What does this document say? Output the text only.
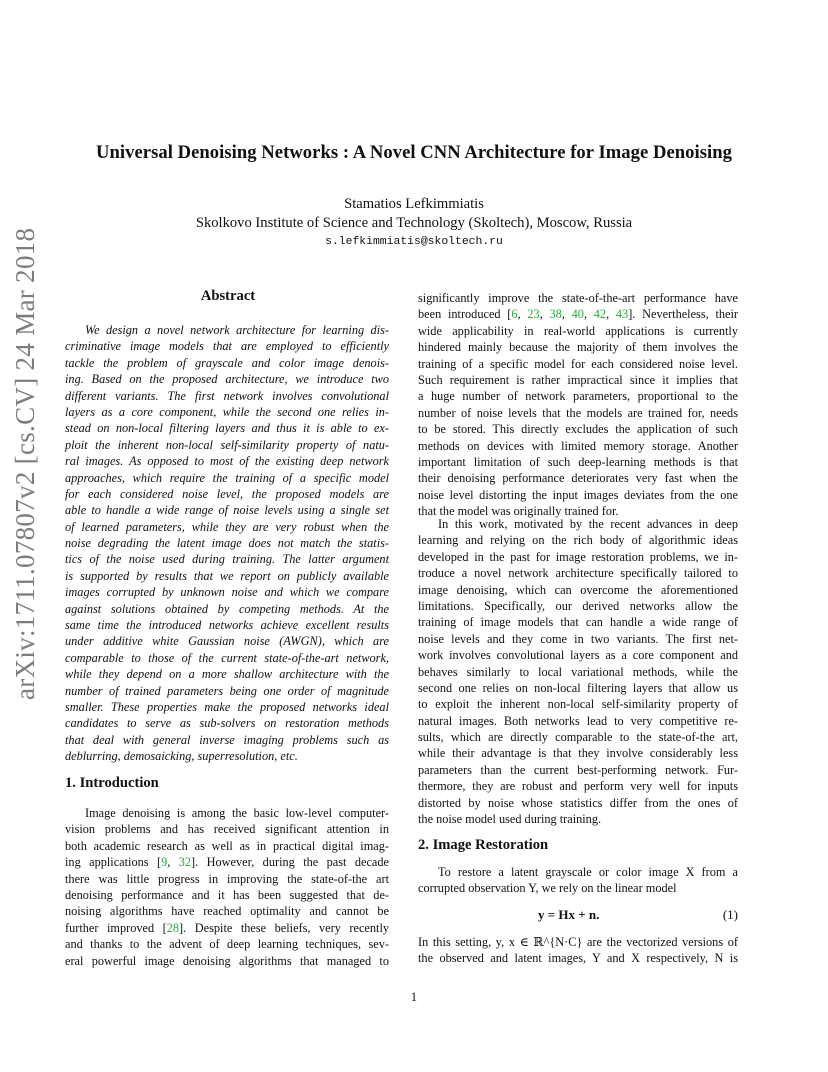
Universal Denoising Networks : A Novel CNN Architecture for Image Denoising
Stamatios Lefkimmiatis
Skolkovo Institute of Science and Technology (Skoltech), Moscow, Russia
s.lefkimmiatis@skoltech.ru
arXiv:1711.07807v2 [cs.CV] 24 Mar 2018	Abstract
We design a novel network architecture for learning dis-
criminative image models that are employed to efficiently
tackle the problem of grayscale and color image denois-
ing. Based on the proposed architecture, we introduce two
different variants. The first network involves convolutional
layers as a core component, while the second one relies in-
stead on non-local filtering layers and thus it is able to ex-
ploit the inherent non-local self-similarity property of natu-
ral images. As opposed to most of the existing deep network
approaches, which require the training of a specific model
for each considered noise level, the proposed models are
able to handle a wide range of noise levels using a single set
of learned parameters, while they are very robust when the
noise degrading the latent image does not match the statis-
tics of the noise used during training. The latter argument
is supported by results that we report on publicly available
images corrupted by unknown noise and which we compare
against solutions obtained by competing methods. At the
same time the introduced networks achieve excellent results
under additive white Gaussian noise (AWGN), which are
comparable to those of the current state-of-the-art network,
while they depend on a more shallow architecture with the
number of trained parameters being one order of magnitude
smaller. These properties make the proposed networks ideal
candidates to serve as sub-solvers on restoration methods
that deal with general inverse imaging problems such as
deblurring, demosaicking, superresolution, etc.
1. Introduction
Image denoising is among the basic low-level computer-
vision problems and has received significant attention in
both academic research as well as in practical digital imag-
ing applications [9, 32]. However, during the past decade
there was little progress in improving the state-of-the art
denoising performance and it has been suggested that de-
noising algorithms have reached optimality and cannot be
further improved [28]. Despite these beliefs, very recently
and thanks to the advent of deep learning techniques, sev-
eral powerful image denoising algorithms that managed to
significantly improve the state-of-the-art performance have
been introduced [6, 23, 38, 40, 42, 43]. Nevertheless, their
wide applicability in real-world applications is currently
hindered mainly because the majority of them involves the
training of a specific model for each considered noise level.
Such requirement is rather impractical since it implies that
a huge number of network parameters, proportional to the
number of noise levels that the models are trained for, needs
to be stored. This directly excludes the application of such
methods on devices with limited memory storage. Another
important limitation of such deep-learning methods is that
their denoising performance deteriorates very fast when the
noise level distorting the input images deviates from the one
that the model was originally trained for.
In this work, motivated by the recent advances in deep
learning and relying on the rich body of algorithmic ideas
developed in the past for image restoration problems, we in-
troduce a novel network architecture specifically tailored to
image denoising, which can overcome the aforementioned
limitations. Specifically, our derived networks allow the
training of image models that can handle a wide range of
noise levels and they come in two variants. The first net-
work involves convolutional layers as a core component and
behaves similarly to local variational methods, while the
second one relies on non-local filtering layers that allow us
to exploit the inherent non-local self-similarity property of
natural images. Both networks lead to very competitive re-
sults, which are directly comparable to the state-of-the art,
while their advantage is that they involve considerably less
parameters than the current best-performing network. Fur-
thermore, they are robust and perform very well for inputs
distorted by noise whose statistics differ from the ones of
the noise model used during training.
2. Image Restoration
To restore a latent grayscale or color image X from a
corrupted observation Y, we rely on the linear model
y = Hx + n.	(1)
In this setting, y, x ∈ ℝ^{N·C} are the vectorized versions of
the observed and latent images, Y and X respectively, N is
1
